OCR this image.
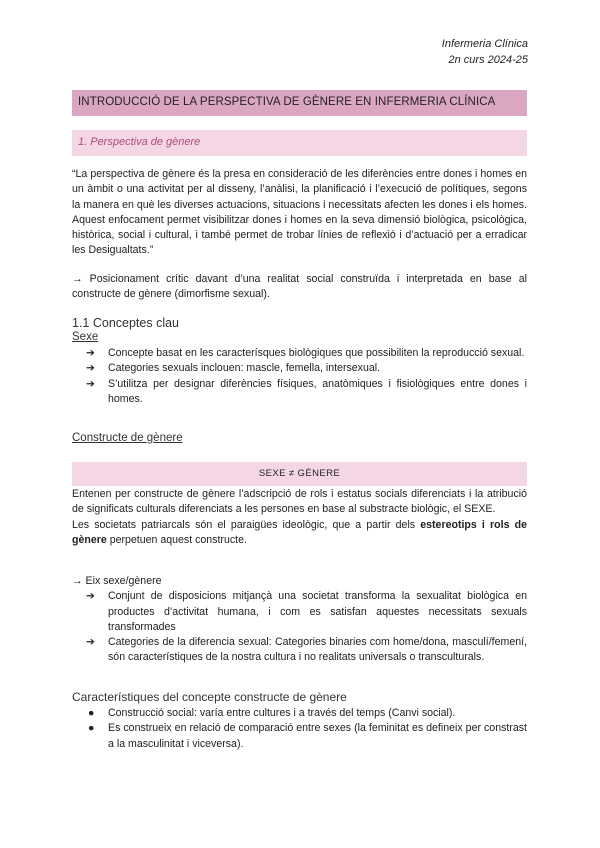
Infermeria Clínica
2n curs 2024-25
INTRODUCCIÓ DE LA PERSPECTIVA DE GÈNERE EN INFERMERIA CLÍNICA
1. Perspectiva de gènere

“La perspectiva de gènere és la presa en consideració de les diferències entre dones i homes en un àmbit o una activitat per al disseny, l’anàlisi, la planificació i l’execució de polítiques, segons la manera en què les diverses actuacions, situacions i necessitats afecten les dones i els homes. Aquest enfocament permet visibilitzar dones i homes en la seva dimensió biològica, psicològica, històrica, social i cultural, i també permet de trobar línies de reflexió i d’actuació per a erradicar les Desigualtats.”

→ Posicionament crític davant d’una realitat social construïda i interpretada en base al constructe de gènere (dimorfisme sexual).

1.1 Conceptes clau
Sexe
➔ Concepte basat en les caracterísques biològiques que possibiliten la reproducció sexual.
➔ Categories sexuals inclouen: mascle, femella, intersexual.
➔ S’utilitza per designar diferències físiques, anatòmiques i fisiològiques entre dones i homes.
Constructe de gènere
SEXE ≠ GÈNERE

Entenen per constructe de gènere l’adscripció de rols i estatus socials diferenciats i la atribució de significats culturals diferenciats a les persones en base al substracte biològic, el SEXE.

Les societats patriarcals són el paraigües ideològic, que a partir dels estereotips i rols de gènere perpetuen aquest constructe.

→ Eix sexe/gènere

➔ Conjunt de disposicions mitjançà una societat transforma la sexualitat biològica en productes d’activitat humana, i com es satisfan aquestes necessitats sexuals transformades
➔ Categories de la diferencia sexual: Categories binaries com home/dona, masculí/femení, són característiques de la nostra cultura i no realitats universals o transculturals.
Característiques del concepte constructe de gènere
● Construcció social: varía entre cultures i a través del temps (Canvi social).
● Es construeix en relació de comparació entre sexes (la feminitat es defineix per constrast a la masculinitat i viceversa).
